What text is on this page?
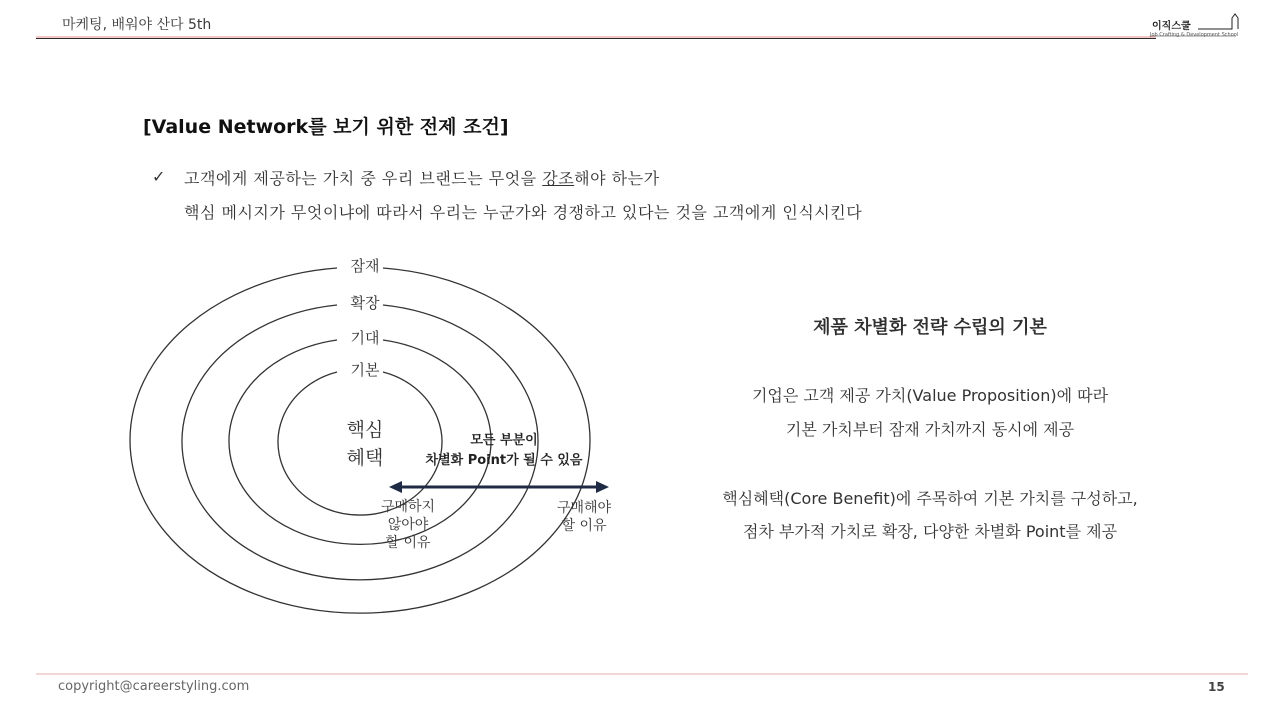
마케팅, 배워야 산다 5th	이직스쿨
Job Crafting & Development School
[Value Network를 보기 위한 전제 조건]
✓ 고객에게 제공하는 가치 중 우리 브랜드는 무엇을 강조해야 하는가
핵심 메시지가 무엇이냐에 따라서 우리는 누군가와 경쟁하고 있다는 것을 고객에게 인식시킨다
잠재
확장
기대
기본
핵심
혜택
모든 부분이
차별화 Point가 될 수 있음
구매하지
않아야
할 이유
구매해야
할 이유
제품 차별화 전략 수립의 기본
기업은 고객 제공 가치(Value Proposition)에 따라
기본 가치부터 잠재 가치까지 동시에 제공
핵심혜택(Core Benefit)에 주목하여 기본 가치를 구성하고,
점차 부가적 가치로 확장, 다양한 차별화 Point를 제공
copyright@careerstyling.com	15
